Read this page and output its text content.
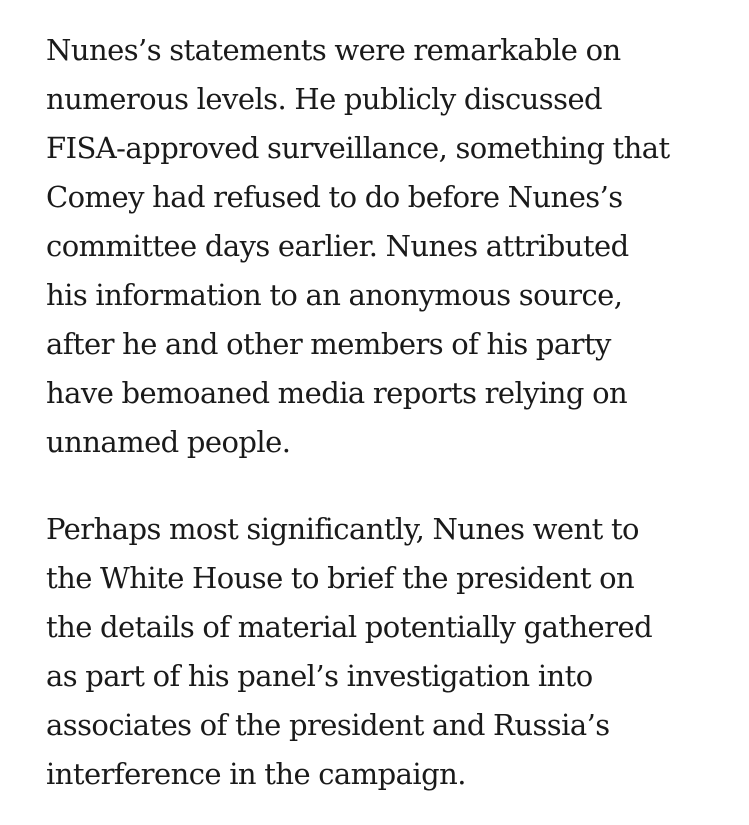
Nunes’s statements were remarkable on
numerous levels. He publicly discussed
FISA-approved surveillance, something that
Comey had refused to do before Nunes’s
committee days earlier. Nunes attributed
his information to an anonymous source,
after he and other members of his party
have bemoaned media reports relying on
unnamed people.
Perhaps most significantly, Nunes went to
the White House to brief the president on
the details of material potentially gathered
as part of his panel’s investigation into
associates of the president and Russia’s
interference in the campaign.
